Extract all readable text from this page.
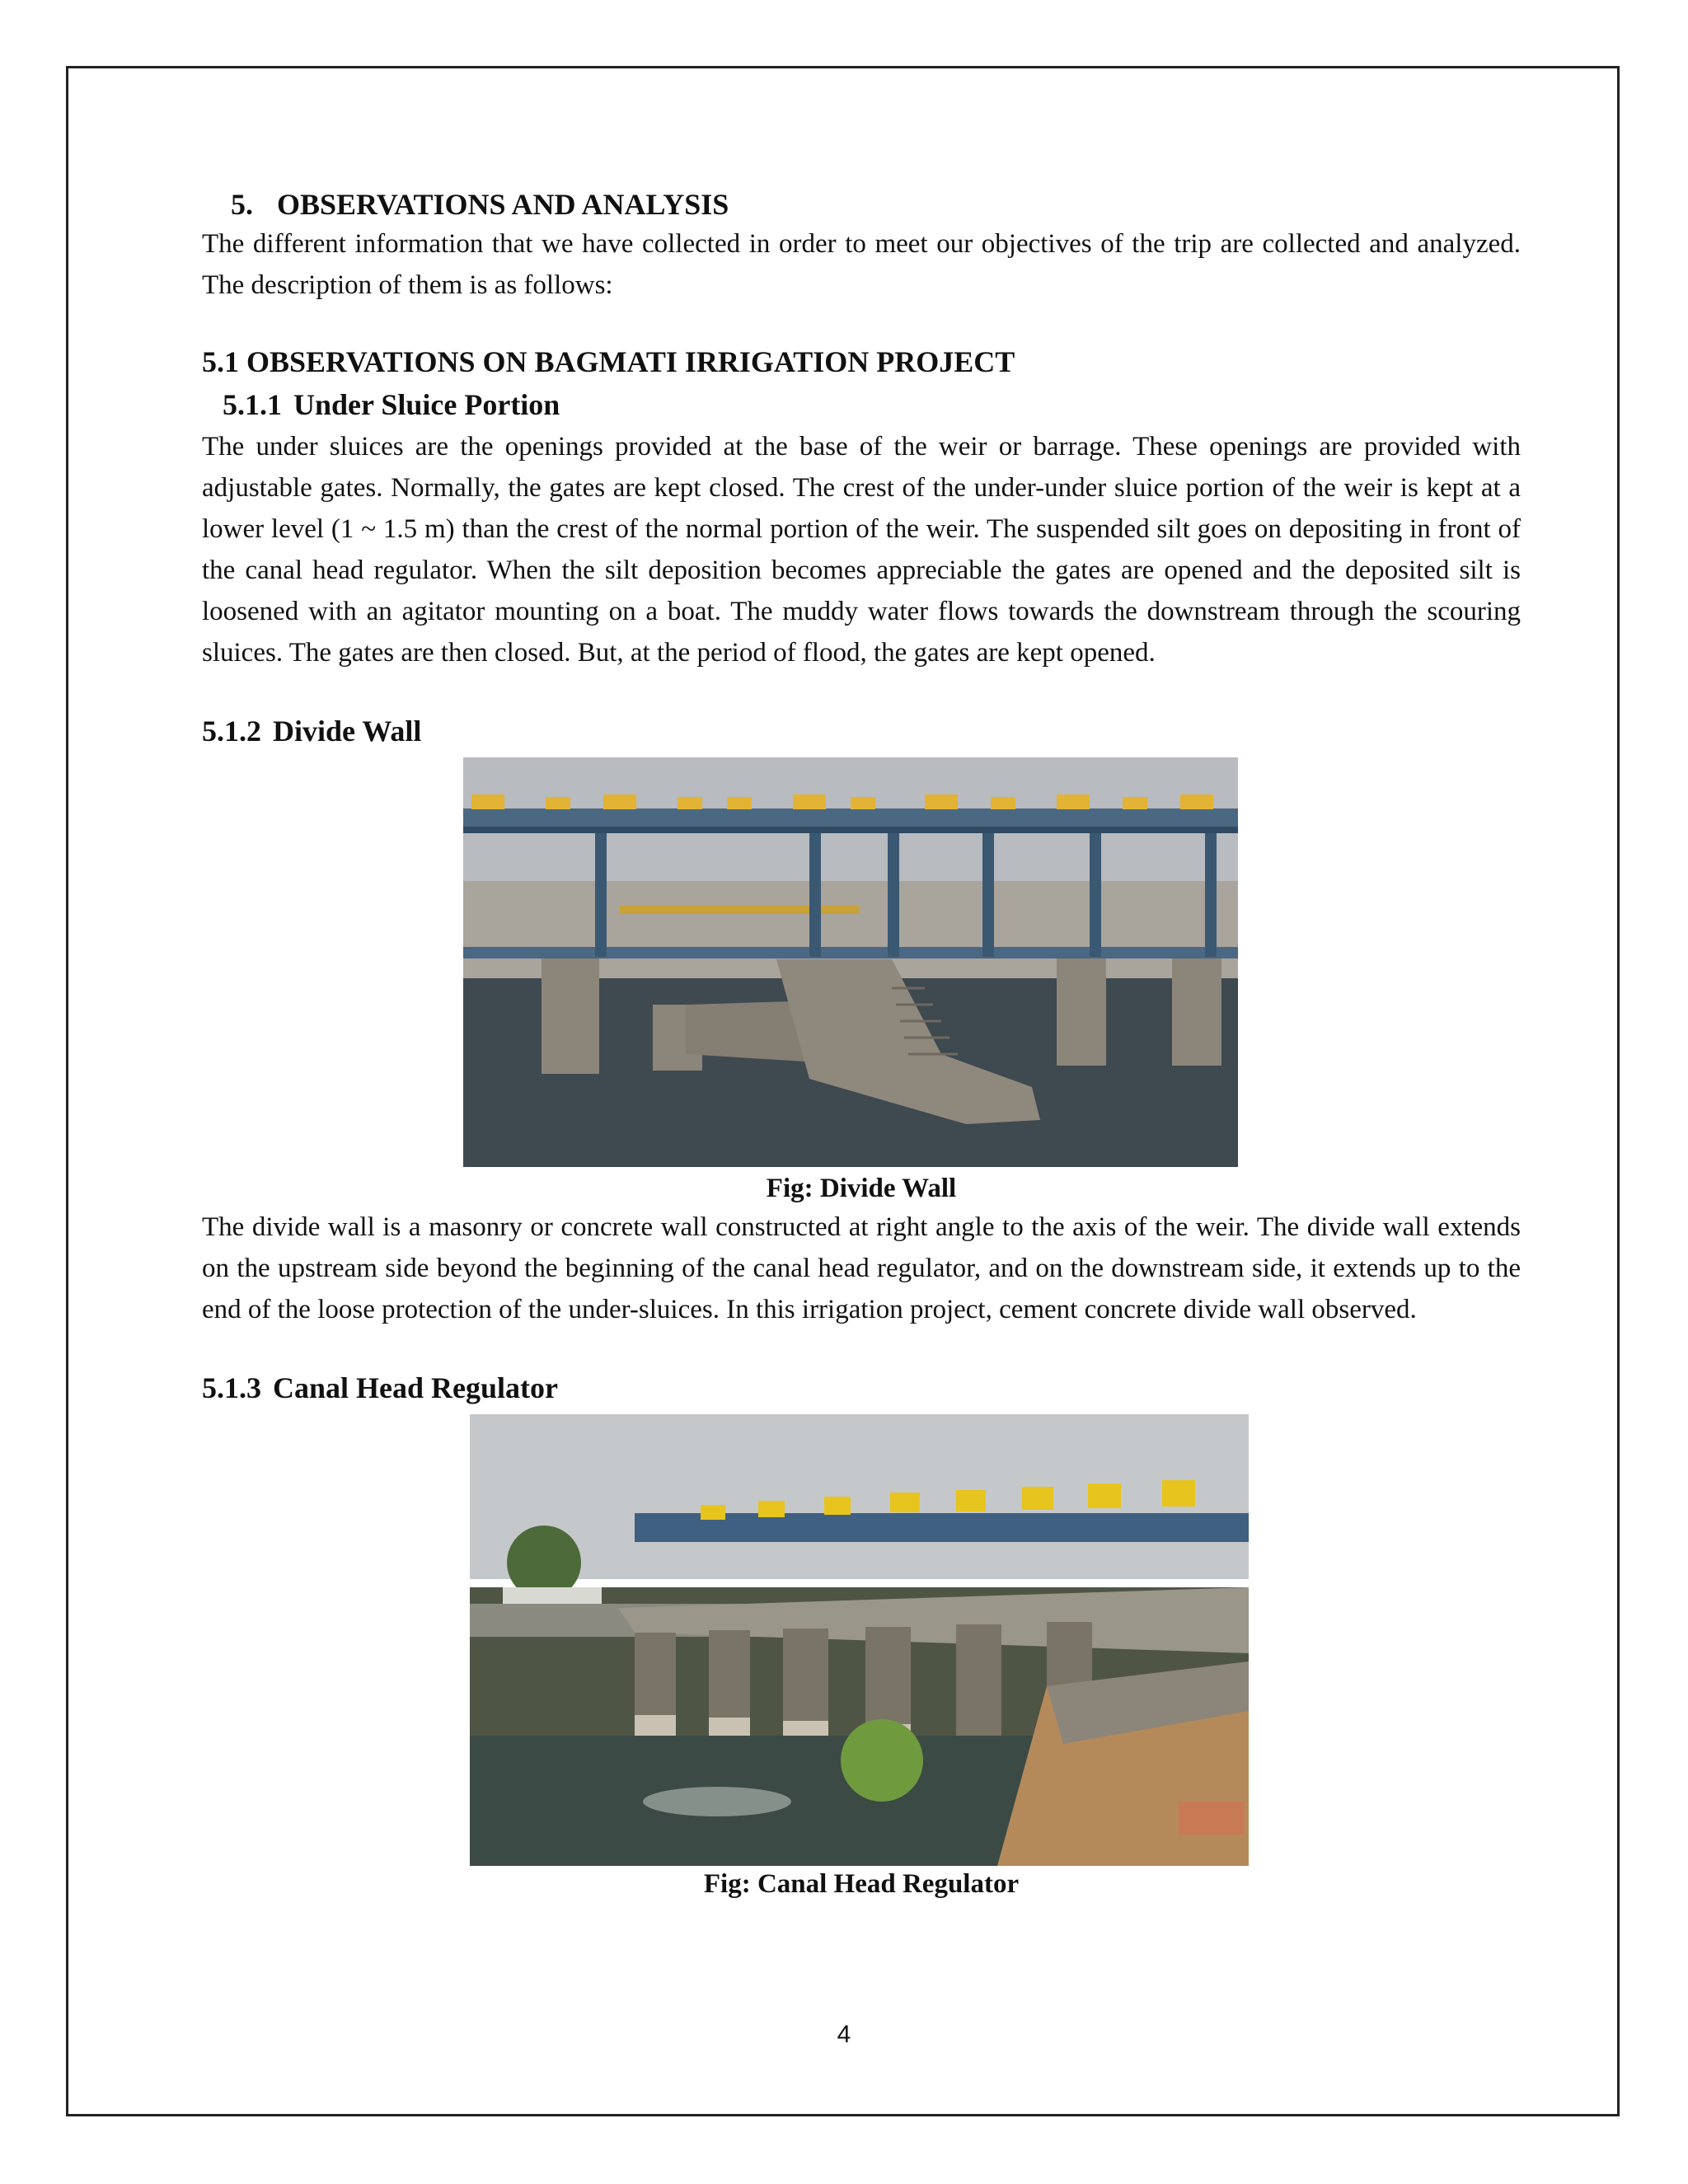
5. OBSERVATIONS AND ANALYSIS

The different information that we have collected in order to meet our objectives of the trip are collected and analyzed. The description of them is as follows:

5.1 OBSERVATIONS ON BAGMATI IRRIGATION PROJECT
5.1.1 Under Sluice Portion

The under sluices are the openings provided at the base of the weir or barrage. These openings are provided with adjustable gates. Normally, the gates are kept closed. The crest of the under-under sluice portion of the weir is kept at a lower level (1 ~ 1.5 m) than the crest of the normal portion of the weir. The suspended silt goes on depositing in front of the canal head regulator. When the silt deposition becomes appreciable the gates are opened and the deposited silt is loosened with an agitator mounting on a boat. The muddy water flows towards the downstream through the scouring sluices. The gates are then closed. But, at the period of flood, the gates are kept opened.

5.1.2 Divide Wall

Fig: Divide Wall

The divide wall is a masonry or concrete wall constructed at right angle to the axis of the weir. The divide wall extends on the upstream side beyond the beginning of the canal head regulator, and on the downstream side, it extends up to the end of the loose protection of the under-sluices. In this irrigation project, cement concrete divide wall observed.

5.1.3 Canal Head Regulator

Fig: Canal Head Regulator

4
